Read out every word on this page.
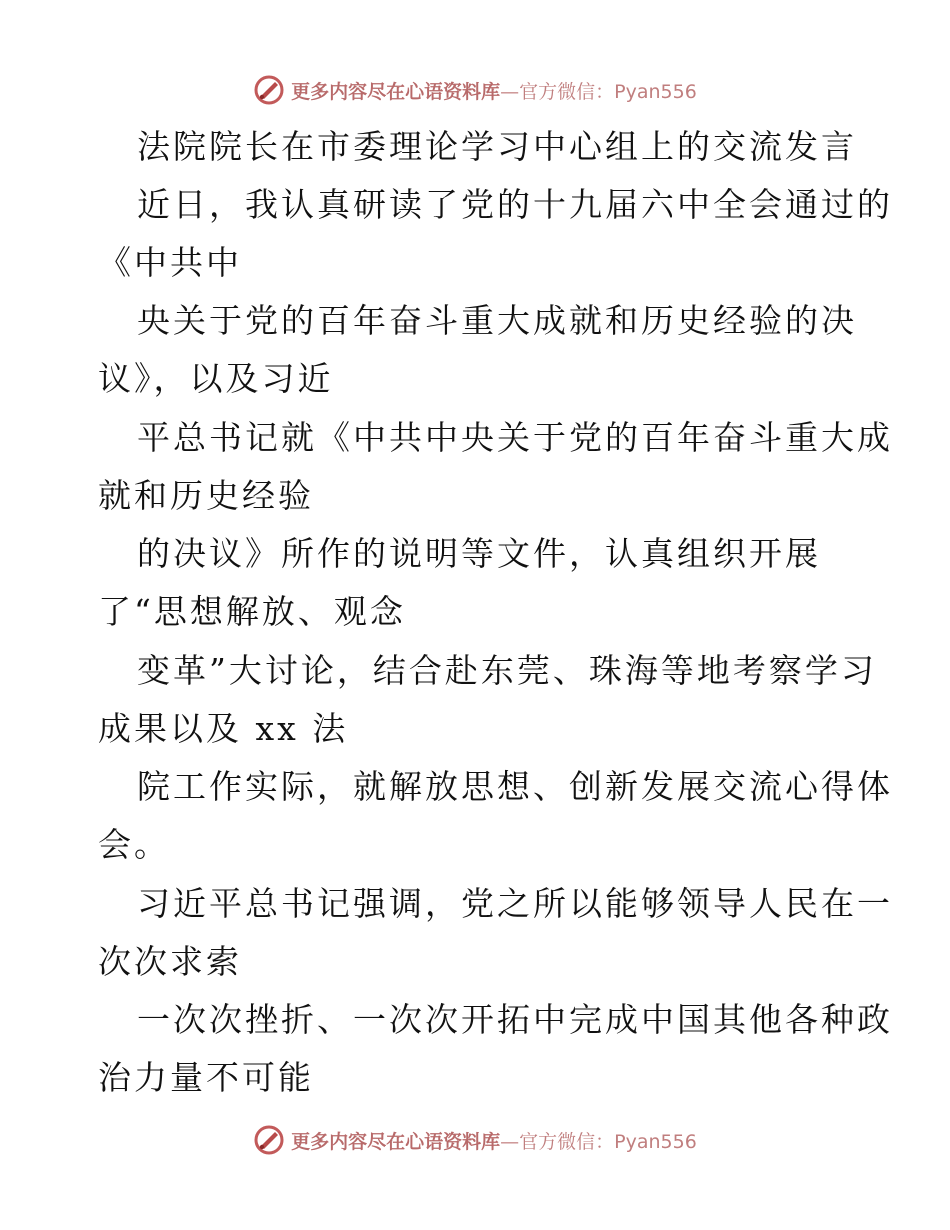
更多内容尽在心语资料库—官方微信：Pyan556
法院院长在市委理论学习中心组上的交流发言
近日，我认真研读了党的十九届六中全会通过的
《中共中
央关于党的百年奋斗重大成就和历史经验的决
议》，以及习近
平总书记就《中共中央关于党的百年奋斗重大成
就和历史经验
的决议》所作的说明等文件，认真组织开展
了“思想解放、观念
变革”大讨论，结合赴东莞、珠海等地考察学习
成果以及 xx 法
院工作实际，就解放思想、创新发展交流心得体
会。
习近平总书记强调，党之所以能够领导人民在一
次次求索
一次次挫折、一次次开拓中完成中国其他各种政
治力量不可能
更多内容尽在心语资料库—官方微信：Pyan556
